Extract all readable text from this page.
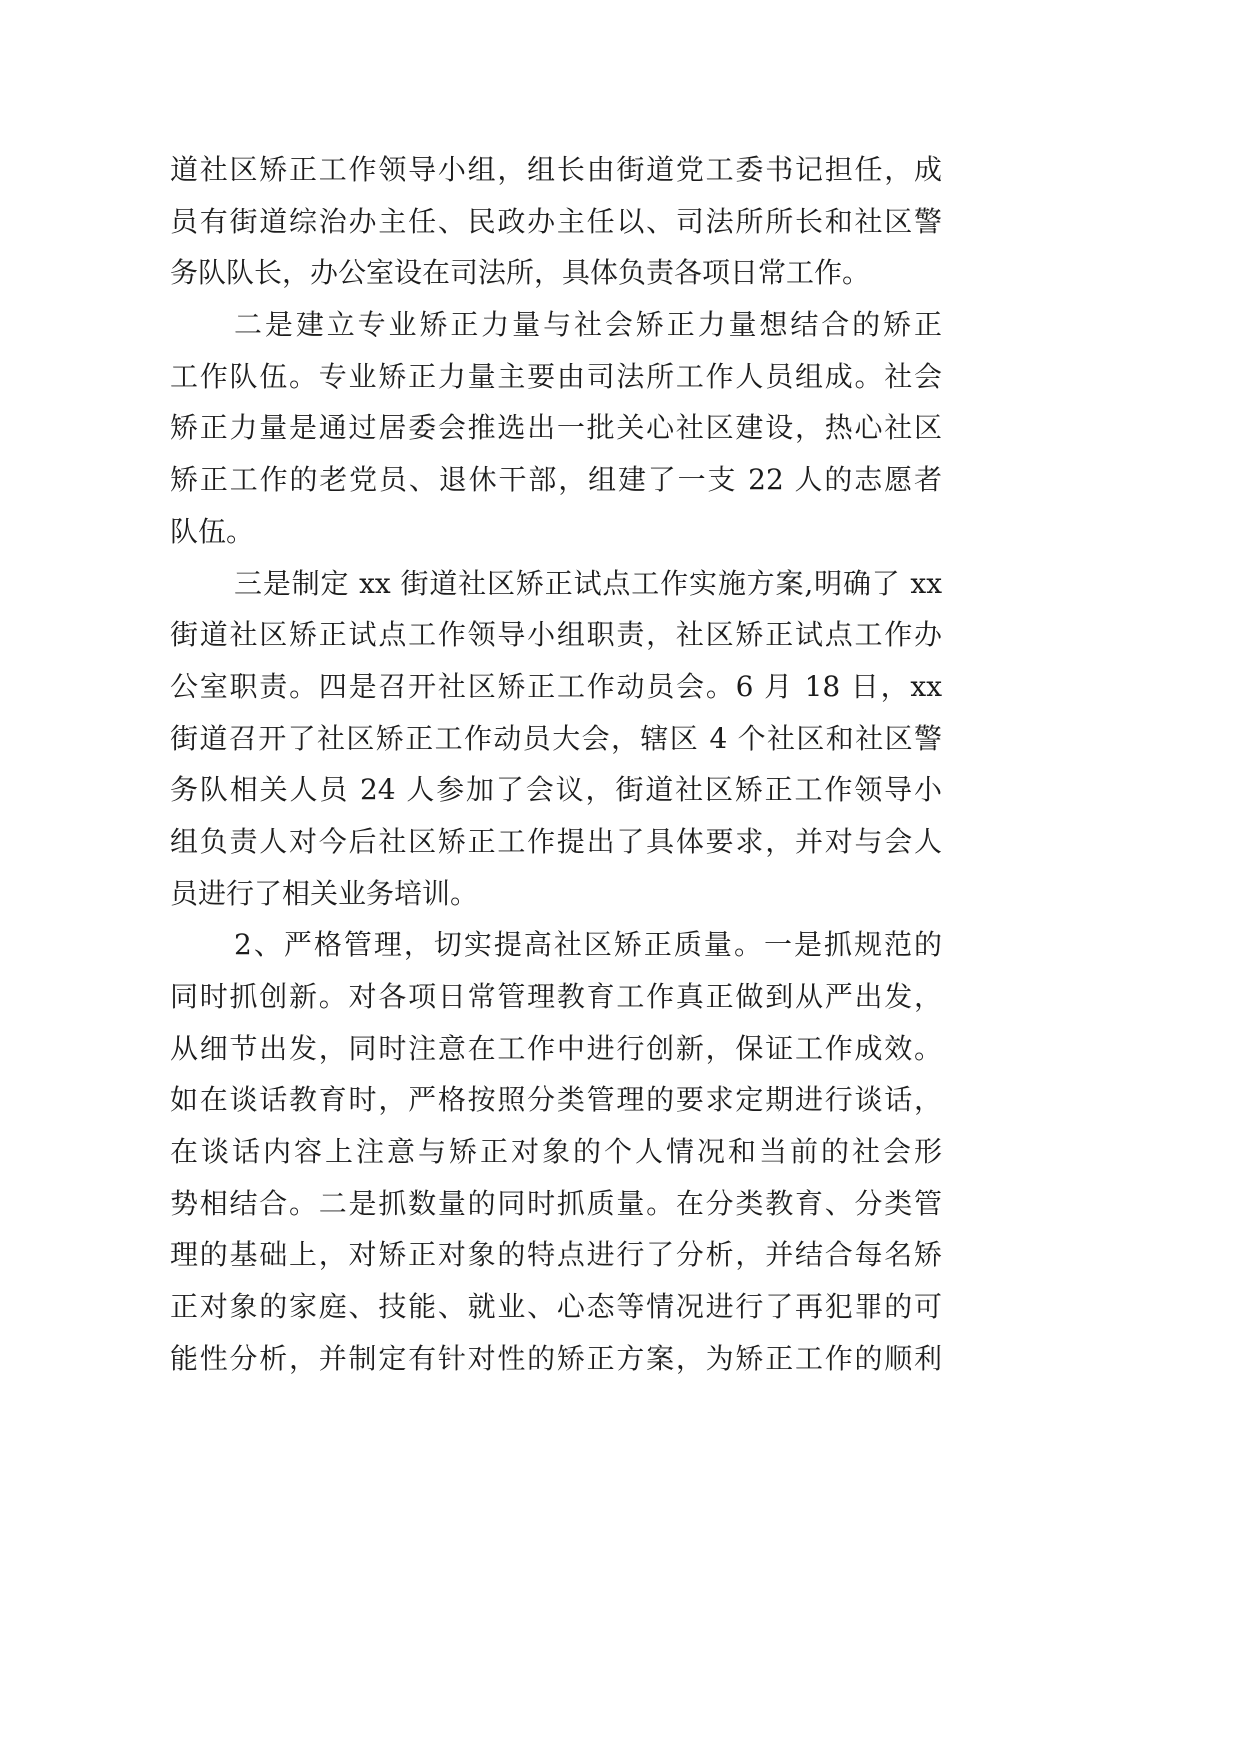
道社区矫正工作领导小组，组长由街道党工委书记担任，成
员有街道综治办主任、民政办主任以、司法所所长和社区警
务队队长，办公室设在司法所，具体负责各项日常工作。
二是建立专业矫正力量与社会矫正力量想结合的矫正
工作队伍。专业矫正力量主要由司法所工作人员组成。社会
矫正力量是通过居委会推选出一批关心社区建设，热心社区
矫正工作的老党员、退休干部，组建了一支 22 人的志愿者
队伍。
三是制定 xx 街道社区矫正试点工作实施方案,明确了 xx
街道社区矫正试点工作领导小组职责，社区矫正试点工作办
公室职责。四是召开社区矫正工作动员会。6 月 18 日，xx
街道召开了社区矫正工作动员大会，辖区 4 个社区和社区警
务队相关人员 24 人参加了会议，街道社区矫正工作领导小
组负责人对今后社区矫正工作提出了具体要求，并对与会人
员进行了相关业务培训。
2、严格管理，切实提高社区矫正质量。一是抓规范的
同时抓创新。对各项日常管理教育工作真正做到从严出发，
从细节出发，同时注意在工作中进行创新，保证工作成效。
如在谈话教育时，严格按照分类管理的要求定期进行谈话，
在谈话内容上注意与矫正对象的个人情况和当前的社会形
势相结合。二是抓数量的同时抓质量。在分类教育、分类管
理的基础上，对矫正对象的特点进行了分析，并结合每名矫
正对象的家庭、技能、就业、心态等情况进行了再犯罪的可
能性分析，并制定有针对性的矫正方案，为矫正工作的顺利
